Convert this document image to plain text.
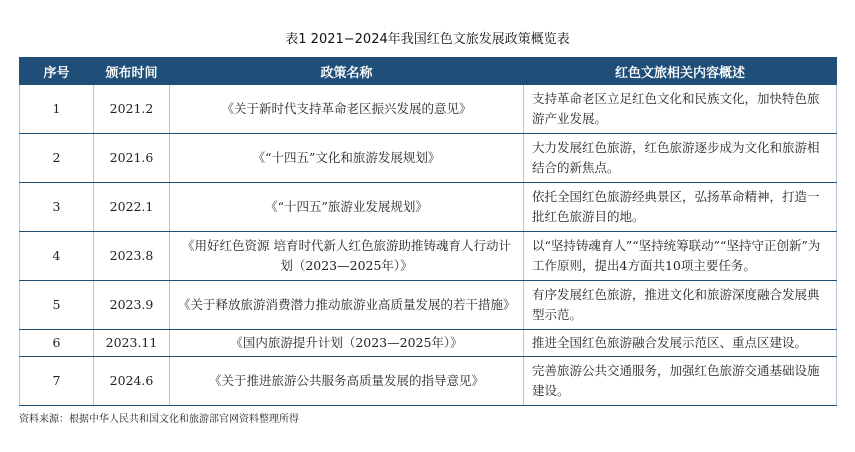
表1 2021−2024年我国红色文旅发展政策概览表
序号	颁布时间	政策名称	红色文旅相关内容概述
1	2021.2	《关于新时代支持革命老区振兴发展的意见》	支持革命老区立足红色文化和民族文化，加快特色旅游产业发展。
2	2021.6	《“十四五”文化和旅游发展规划》	大力发展红色旅游，红色旅游逐步成为文化和旅游相结合的新焦点。
3	2022.1	《“十四五”旅游业发展规划》	依托全国红色旅游经典景区，弘扬革命精神，打造一批红色旅游目的地。
4	2023.8	《用好红色资源 培育时代新人红色旅游助推铸魂育人行动计划（2023—2025年）》	以“坚持铸魂育人”“坚持统筹联动”“坚持守正创新”为工作原则，提出4方面共10项主要任务。
5	2023.9	《关于释放旅游消费潜力推动旅游业高质量发展的若干措施》	有序发展红色旅游，推进文化和旅游深度融合发展典型示范。
6	2023.11	《国内旅游提升计划（2023—2025年）》	推进全国红色旅游融合发展示范区、重点区建设。
7	2024.6	《关于推进旅游公共服务高质量发展的指导意见》	完善旅游公共交通服务，加强红色旅游交通基础设施建设。
资料来源：根据中华人民共和国文化和旅游部官网资料整理所得
